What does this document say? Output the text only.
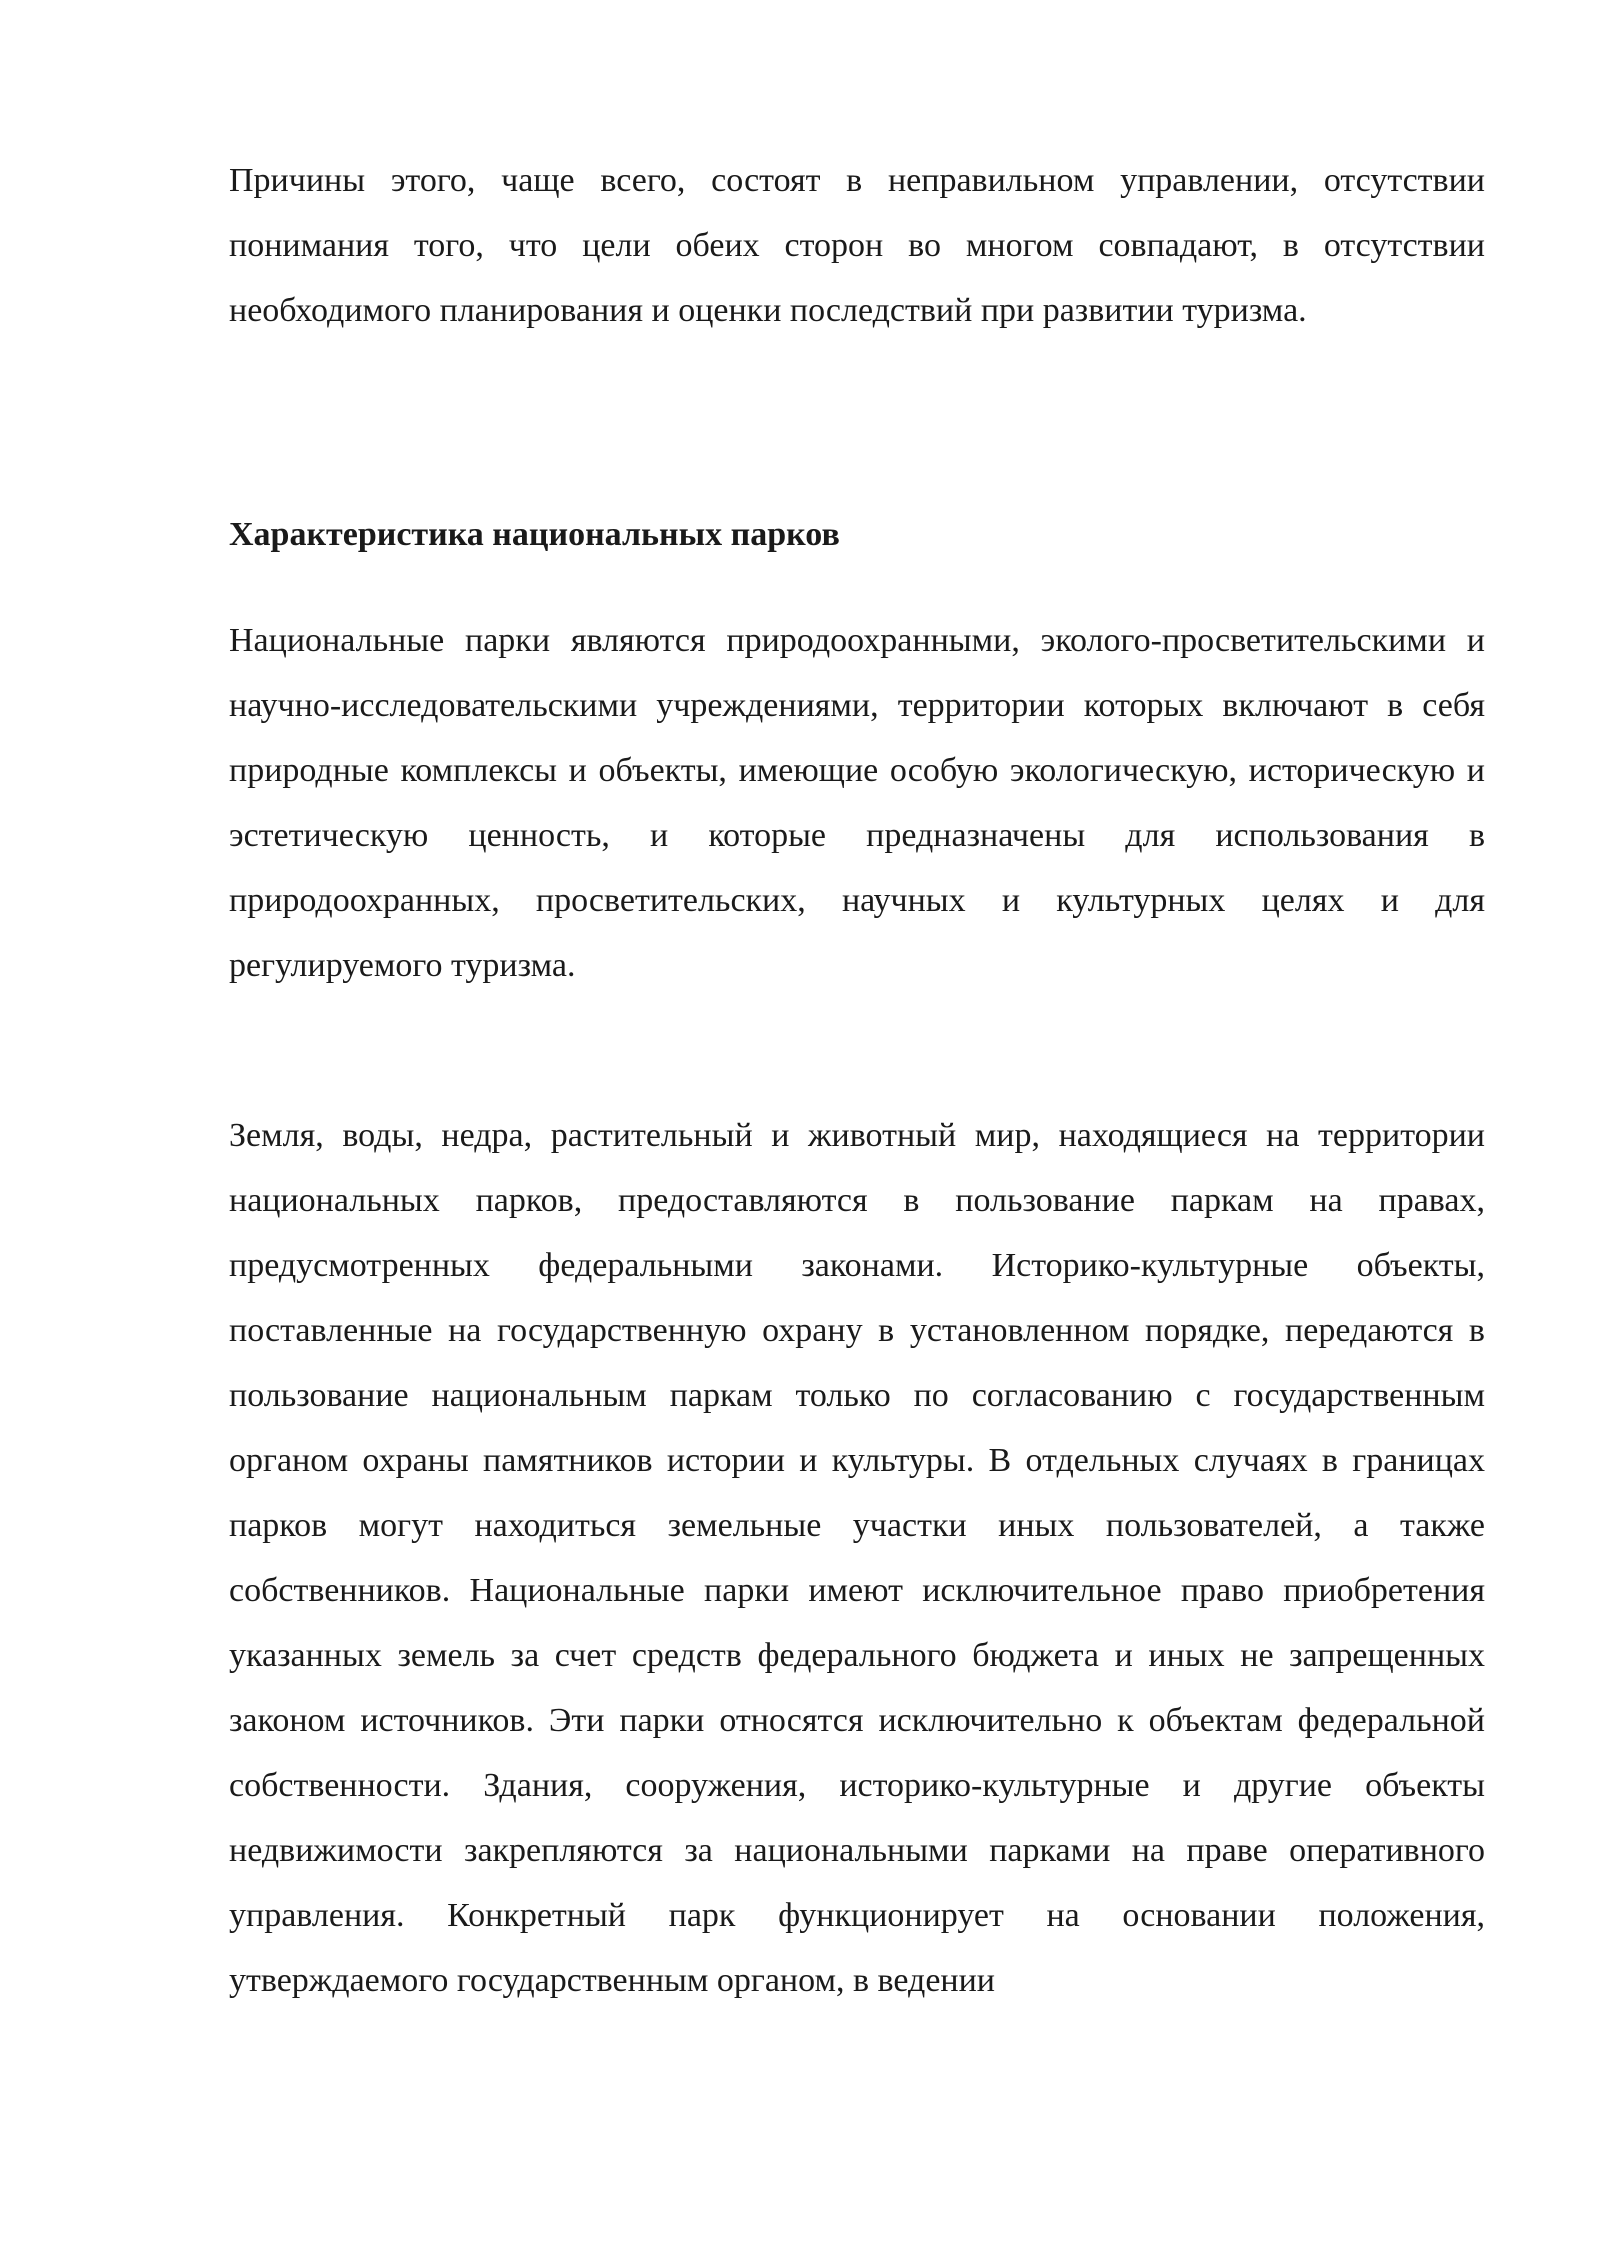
Причины этого, чаще всего, состоят в неправильном управлении, отсутствии понимания того, что цели обеих сторон во многом совпадают, в отсутствии необходимого планирования и оценки последствий при развитии туризма.

Характеристика национальных парков

Национальные парки являются природоохранными, эколого-просветительскими и научно-исследовательскими учреждениями, территории которых включают в себя природные комплексы и объекты, имеющие особую экологическую, историческую и эстетическую ценность, и которые предназначены для использования в природоохранных, просветительских, научных и культурных целях и для регулируемого туризма.

Земля, воды, недра, растительный и животный мир, находящиеся на территории национальных парков, предоставляются в пользование паркам на правах, предусмотренных федеральными законами. Историко-культурные объекты, поставленные на государственную охрану в установленном порядке, передаются в пользование национальным паркам только по согласованию с государственным органом охраны памятников истории и культуры. В отдельных случаях в границах парков могут находиться земельные участки иных пользователей, а также собственников. Национальные парки имеют исключительное право приобретения указанных земель за счет средств федерального бюджета и иных не запрещенных законом источников. Эти парки относятся исключительно к объектам федеральной собственности. Здания, сооружения, историко-культурные и другие объекты недвижимости закрепляются за национальными парками на праве оперативного управления. Конкретный парк функционирует на основании положения, утверждаемого государственным органом, в ведении
